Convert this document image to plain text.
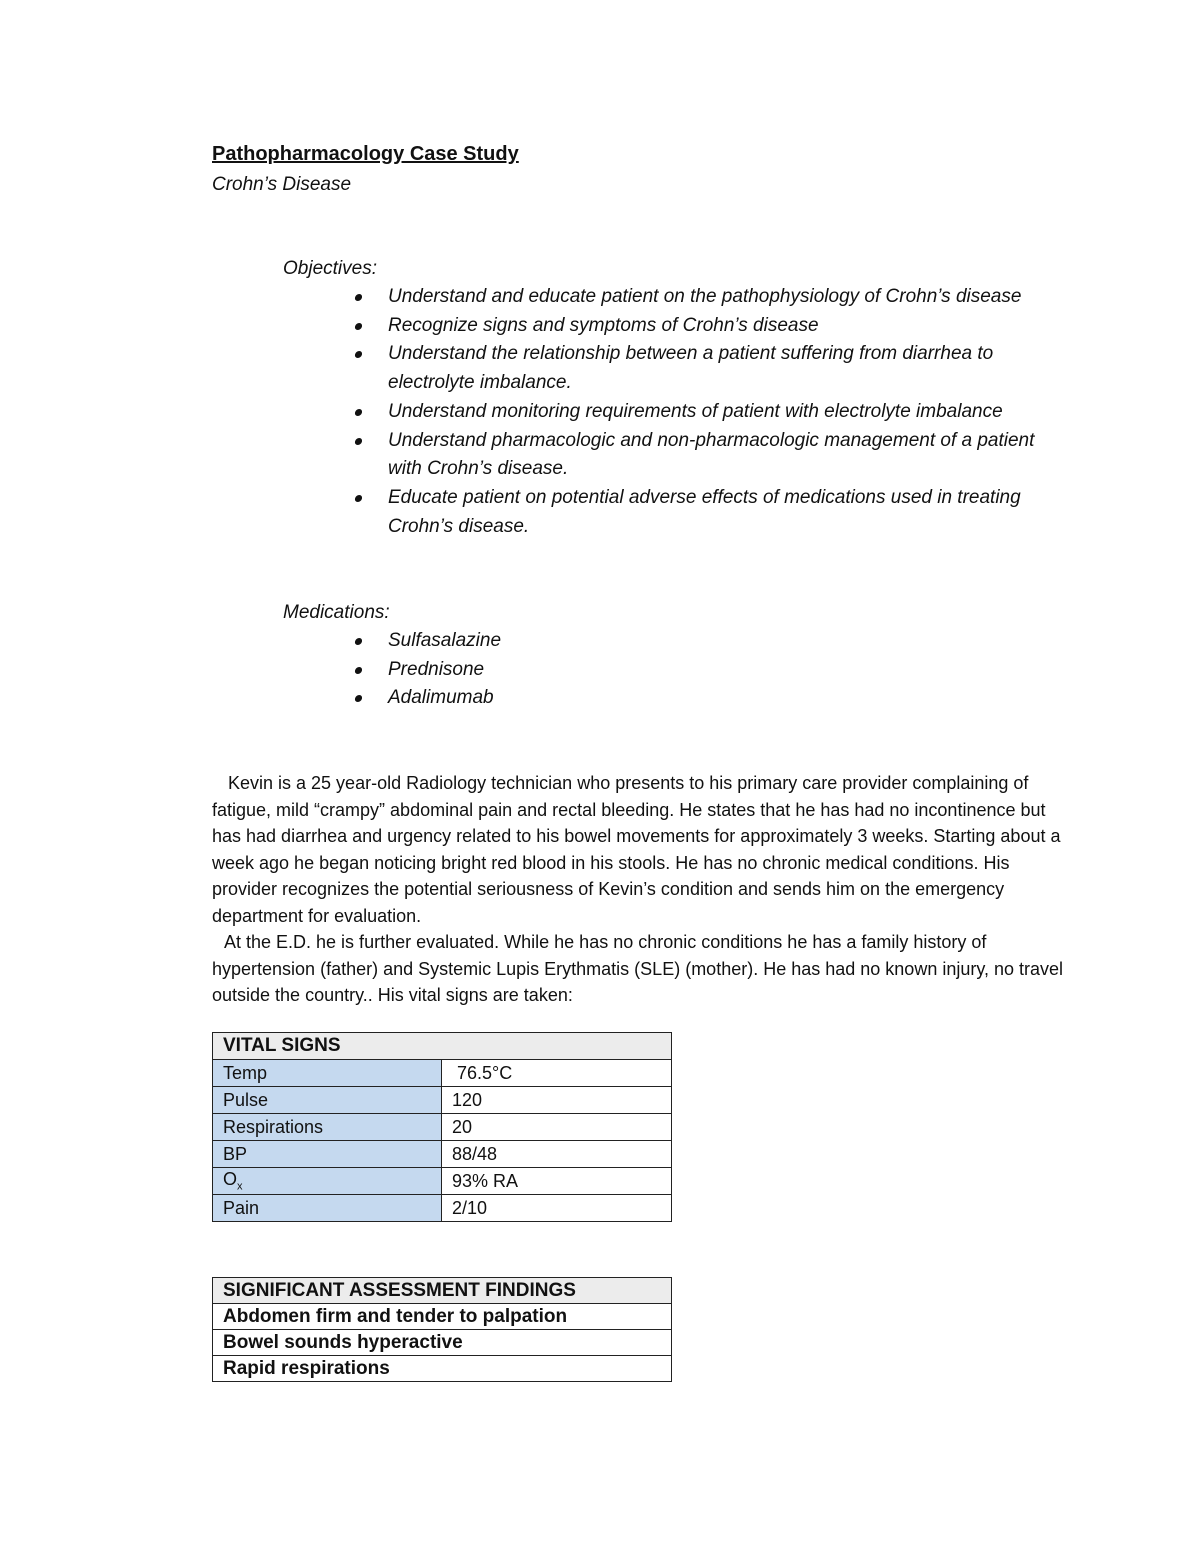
Pathopharmacology Case Study
Crohn’s Disease
Objectives:
Understand and educate patient on the pathophysiology of Crohn’s disease
Recognize signs and symptoms of Crohn’s disease
Understand the relationship between a patient suffering from diarrhea to electrolyte imbalance.
Understand monitoring requirements of patient with electrolyte imbalance
Understand pharmacologic and non-pharmacologic management of a patient with Crohn’s disease.
Educate patient on potential adverse effects of medications used in treating Crohn’s disease.
Medications:
Sulfasalazine
Prednisone
Adalimumab

Kevin is a 25 year-old Radiology technician who presents to his primary care provider complaining of fatigue, mild “crampy” abdominal pain and rectal bleeding. He states that he has had no incontinence but has had diarrhea and urgency related to his bowel movements for approximately 3 weeks. Starting about a week ago he began noticing bright red blood in his stools. He has no chronic medical conditions. His provider recognizes the potential seriousness of Kevin’s condition and sends him on the emergency department for evaluation.

At the E.D. he is further evaluated. While he has no chronic conditions he has a family history of hypertension (father) and Systemic Lupis Erythmatis (SLE) (mother). He has had no known injury, no travel outside the country.. His vital signs are taken:

VITAL SIGNS	
Temp	76.5°C
Pulse	120
Respirations	20
BP	88/48
$O_x$	93% RA
Pain	2/10
SIGNIFICANT ASSESSMENT FINDINGS
Abdomen firm and tender to palpation
Bowel sounds hyperactive
Rapid respirations
